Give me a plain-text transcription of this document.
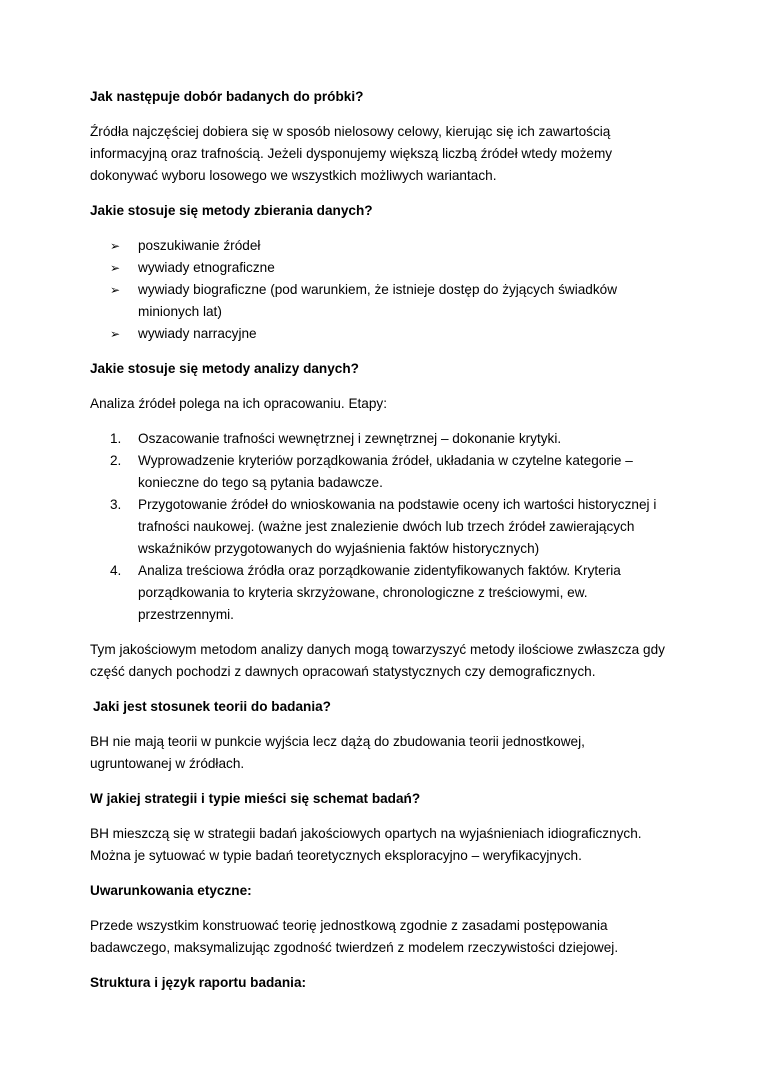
Jak następuje dobór badanych do próbki?

Źródła najczęściej dobiera się w sposób nielosowy celowy, kierując się ich zawartością informacyjną oraz trafnością. Jeżeli dysponujemy większą liczbą źródeł wtedy możemy dokonywać wyboru losowego we wszystkich możliwych wariantach.

Jakie stosuje się metody zbierania danych?
➢ poszukiwanie źródeł
➢ wywiady etnograficzne
➢ wywiady biograficzne (pod warunkiem, że istnieje dostęp do żyjących świadków minionych lat)
➢ wywiady narracyjne
Jakie stosuje się metody analizy danych?

Analiza źródeł polega na ich opracowaniu. Etapy:

1. Oszacowanie trafności wewnętrznej i zewnętrznej – dokonanie krytyki.
2. Wyprowadzenie kryteriów porządkowania źródeł, układania w czytelne kategorie – konieczne do tego są pytania badawcze.
3. Przygotowanie źródeł do wnioskowania na podstawie oceny ich wartości historycznej i trafności naukowej. (ważne jest znalezienie dwóch lub trzech źródeł zawierających wskaźników przygotowanych do wyjaśnienia faktów historycznych)
4. Analiza treściowa źródła oraz porządkowanie zidentyfikowanych faktów. Kryteria porządkowania to kryteria skrzyżowane, chronologiczne z treściowymi, ew. przestrzennymi.

Tym jakościowym metodom analizy danych mogą towarzyszyć metody ilościowe zwłaszcza gdy część danych pochodzi z dawnych opracowań statystycznych czy demograficznych.

Jaki jest stosunek teorii do badania?

BH nie mają teorii w punkcie wyjścia lecz dążą do zbudowania teorii jednostkowej, ugruntowanej w źródłach.

W jakiej strategii i typie mieści się schemat badań?

BH mieszczą się w strategii badań jakościowych opartych na wyjaśnieniach idiograficznych. Można je sytuować w typie badań teoretycznych eksploracyjno – weryfikacyjnych.

Uwarunkowania etyczne:

Przede wszystkim konstruować teorię jednostkową zgodnie z zasadami postępowania badawczego, maksymalizując zgodność twierdzeń z modelem rzeczywistości dziejowej.

Struktura i język raportu badania:
